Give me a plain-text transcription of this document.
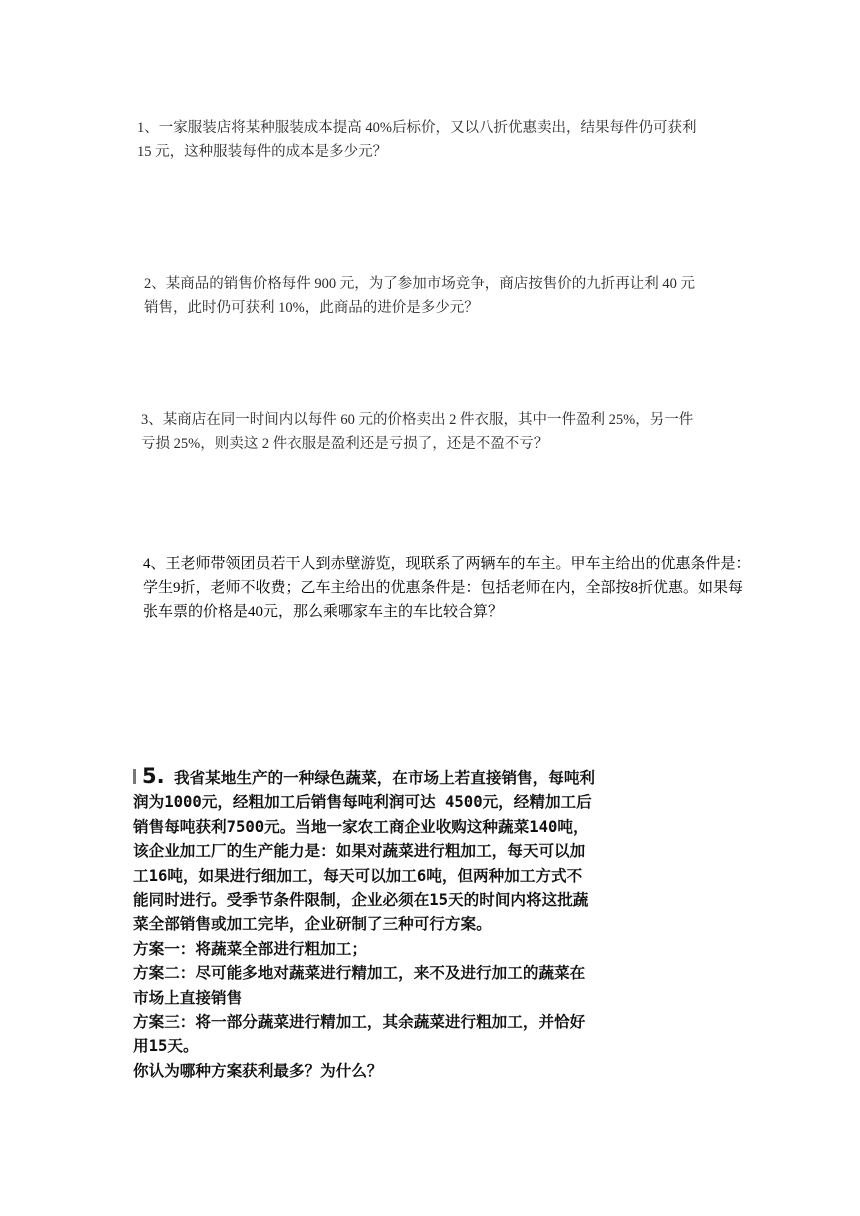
1、一家服装店将某种服装成本提高 40%后标价，又以八折优惠卖出，结果每件仍可获利
15 元，这种服装每件的成本是多少元？
2、某商品的销售价格每件 900 元，为了参加市场竞争，商店按售价的九折再让利 40 元
销售，此时仍可获利 10%，此商品的进价是多少元？
3、某商店在同一时间内以每件 60 元的价格卖出 2 件衣服，其中一件盈利 25%，另一件
亏损 25%，则卖这 2 件衣服是盈利还是亏损了，还是不盈不亏？
4、王老师带领团员若干人到赤壁游览，现联系了两辆车的车主。甲车主给出的优惠条件是：
学生9折，老师不收费；乙车主给出的优惠条件是：包括老师在内，全部按8折优惠。如果每
张车票的价格是40元，那么乘哪家车主的车比较合算？
5. 我省某地生产的一种绿色蔬菜，在市场上若直接销售，每吨利
润为1000元，经粗加工后销售每吨利润可达 4500元，经精加工后
销售每吨获利7500元。当地一家农工商企业收购这种蔬菜140吨，
该企业加工厂的生产能力是：如果对蔬菜进行粗加工，每天可以加
工16吨，如果进行细加工，每天可以加工6吨，但两种加工方式不
能同时进行。受季节条件限制，企业必须在15天的时间内将这批蔬
菜全部销售或加工完毕，企业研制了三种可行方案。
方案一：将蔬菜全部进行粗加工；
方案二：尽可能多地对蔬菜进行精加工，来不及进行加工的蔬菜在
市场上直接销售
方案三：将一部分蔬菜进行精加工，其余蔬菜进行粗加工，并恰好
用15天。
你认为哪种方案获利最多？为什么？
